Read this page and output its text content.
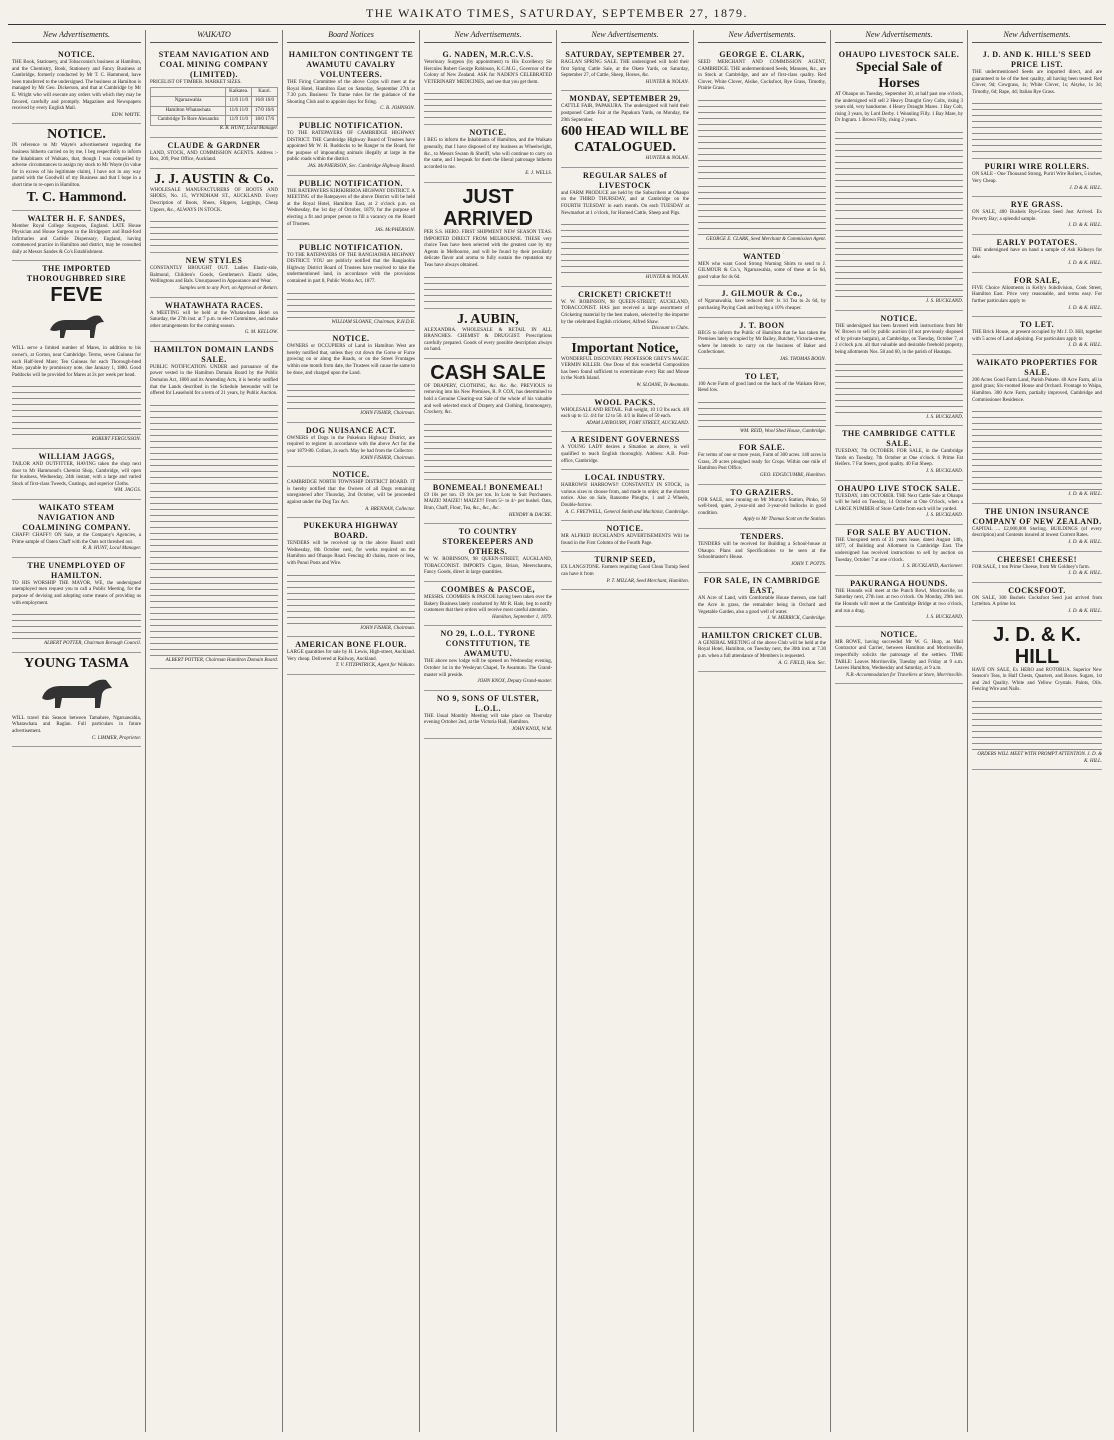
THE WAIKATO TIMES, SATURDAY, SEPTEMBER 27, 1879.
New Advertisements.
NOTICE.
THE Book, Stationery, and Tobacconist's business at Hamilton, and the Chemistry, Book, Stationery and Fancy Business at Cambridge, formerly conducted by Mr T. C. Hammond, have been transferred to the undersigned. The business at Hamilton is managed by Mr Geo. Dickerson, and that at Cambridge by Mr E. Wright who will execute any orders with which they may be favored, carefully and promptly. Magazines and Newspapers received by every English Mail.
EDW. WAYTE.
NOTICE.
IN reference to Mr Wayte's advertisement regarding the business hitherto carried on by me, I beg respectfully to inform the Inhabitants of Waikato, that, though I was compelled by adverse circumstances to assign my stock to Mr Wayte (in value for in excess of his legitimate claim), I have not in any way parted with the Goodwill of my Business and that I hope in a short time to re-open in Hamilton.
T. C. Hammond.
WALTER H. F. SANDES,
Member Royal College Surgeons, England. LATE House Physician and House Surgeon to the Bridgeport and Brad-ford Infirmaries and Carlisle Dispensary, England, having commenced practice in Hamilton and district, may be consulted daily at Messrs Sandes & Co's Establishment.
THE IMPORTED THOROUGHBRED SIRE
FEVE
WILL serve a limited number of Mares, in addition to his owner's, at Gorton, near Cambridge. Terms, seven Guineas for each Half-bred Mare; Ten Guineas for each Thorough-bred Mare, payable by promissory note, due January 1, 1880. Good Paddocks will be provided for Mares at 2s per week per head.
ROBERT FERGUSSON.
WILLIAM JAGGS,
TAILOR AND OUTFITTER, HAVING taken the shop next door to Mr Hammond's Chemist Shop, Cambridge, will open for business, Wednesday, 24th instant, with a large and varied Stock of first-class Tweeds, Coatings, and superior Cloths.
WM. JAGGS.
WAIKATO STEAM NAVIGATION AND COALMINING COMPANY.
CHAFF! CHAFF!! ON Sale, at the Company's Agencies, a Prime sample of Oaten Chaff with the Oats not threshed out.
R. B. HUNT, Local Manager.
THE UNEMPLOYED OF HAMILTON.
TO HIS WORSHIP THE MAYOR, WE, the undersigned unemployed men request you to call a Public Meeting, for the purpose of devising and adopting some means of providing us with employment.
ALBERT POTTER, Chairman Borough Council.
YOUNG TASMA
WILL travel this Season between Tamahere, Ngaruawahia, Whatawhata and Raglan. Full particulars in future advertisement.
C. LIMMER, Proprietor.
WAIKATO
STEAM NAVIGATION AND COAL MINING COMPANY (LIMITED).
PRICELIST OF TIMBER. MARKET SIZES.
	Kaikatea.	Kauri.
Ngaruawahia	11/0 11/0	16/8 16/0
Hamilton Whatawhata	11/6 11/0	17/0 16/6
Cambridge Te Rore Alexandra	11/9 11/0	18/0 17/6
R. B. HUNT, Local Manager.
CLAUDE & GARDNER
LAND, STOCK, AND COMMISSION AGENTS. Address :- Box, 209, Post Office, Auckland.
J. J. AUSTIN & Co.
WHOLESALE MANUFACTURERS OF BOOTS AND SHOES, No. 15, WYNDHAM ST., AUCKLAND. Every Description of Boots, Shoes, Slippers, Leggings, Cheap Uppers, &c., ALWAYS IN STOCK.
NEW STYLES
CONSTANTLY BROUGHT OUT. Ladies Elastic-side, Balmoral, Children's Goods, Gentlemen's Elastic sides, Wellingtons and Bals. Unsurpassed in Appearance and Wear.
Samples sent to any Port, on Approval or Return.
WHATAWHATA RACES.
A MEETING will be held at the Whatawhata Hotel on Saturday, the 27th inst. at 7 p.m. to elect Committee, and make other arrangements for the coming season.
G. M. KELLOW.
HAMILTON DOMAIN LANDS SALE.
PUBLIC NOTIFICATION. UNDER and pursuance of the power vested in the Hamilton Domain Board by the Public Domains Act, 1860 and its Amending Acts, it is hereby notified that the Lands described in the Schedule hereunder will be offered for Leasehold for a term of 21 years, by Public Auction.
ALBERT POTTER, Chairman Hamilton Domain Board.
Board Notices
HAMILTON CONTINGENT TE AWAMUTU CAVALRY VOLUNTEERS.
THE Firing Committee of the above Corps will meet at the Royal Hotel, Hamilton East on Saturday, September 27th at 7.30 p.m. Business: To frame rules for the guidance of the Shooting Club and to appoint days for firing.
C. B. JOHNSON.
PUBLIC NOTIFICATION.
TO THE RATEPAYERS OF CAMBRIDGE HIGHWAY DISTRICT. THE Cambridge Highway Board of Trustees have appointed Mr W. H. Ruddocks to be Ranger to the Board, for the purpose of impounding animals illegally at large in the public roads within the district.
JAS. McPHERSON, Sec. Cambridge Highway Board.
PUBLIC NOTIFICATION.
THE RATEPAYERS KIRIKIRIROA HIGHWAY DISTRICT. A MEETING of the Ratepayers of the above District will be held at the Royal Hotel, Hamilton East, at 2 o'clock p.m. on Wednesday, the 1st day of October, 1879, for the purpose of electing a fit and proper person to fill a vacancy on the Board of Trustees.
JAS. McPHERSON.
PUBLIC NOTIFICATION.
TO THE RATEPAYERS OF THE RANGIAOHIA HIGHWAY DISTRICT. YOU are publicly notified that the Rangiaohia Highway District Board of Trustees have resolved to take the undermentioned land, in accordance with the provisions contained in part 8, Public Works Act, 1877.
WILLIAM SLOANE, Chairman, R.H.D.B.
NOTICE.
OWNERS or OCCUPIERS of Land in Hamilton West are hereby notified that, unless they cut down the Gorse or Furze growing on or along the Roads, or on the Street Frontages within one month from date, the Trustees will cause the same to be done, and charged upon the Land.
JOHN FISHER, Chairman.
DOG NUISANCE ACT.
OWNERS of Dogs in the Pukekura Highway District, are required to register in accordance with the above Act for the year 1879-80. Collars, 2s each. May be had from the Collector.
JOHN FISHER, Chairman.
NOTICE.
CAMBRIDGE NORTH TOWNSHIP DISTRICT BOARD. IT is hereby notified that the Owners of all Dogs remaining unregistered after Thursday, 2nd October, will be proceeded against under the Dog Tax Act.
A. BRENNAN, Collector.
PUKEKURA HIGHWAY BOARD.
TENDERS will be received up to the above Board until Wednesday, 8th October next, for works required on the Hamilton and Ohaupo Road. Fencing 40 chains, more or less, with Punui Posts and Wire.
JOHN FISHER, Chairman.
AMERICAN BONE FLOUR.
LARGE quantities for sale by H. Lewis, High-street, Auckland. Very cheap. Delivered at Railway, Auckland.
T. V. FITZPATRICK, Agent for Waikato.
New Advertisements.
G. NADEN, M.R.C.V.S.
Veterinary Surgeon (by appointment) to His Excellency Sir Hercules Robert George Robinson, K.C.M.G., Governor of the Colony of New Zealand. ASK for NADEN'S CELEBRATED VETERINARY MEDICINES, and see that you get them.
NOTICE.
I BEG to inform the Inhabitants of Hamilton, and the Waikato generally, that I have disposed of my business as Wheelwright, &c., to Messrs Swann & Sheriff, who will continue to carry on the same, and I bespeak for them the liberal patronage hitherto accorded to me.
E. J. WELLS.
JUST ARRIVED
PER S.S. HERO. FIRST SHIPMENT NEW SEASON TEAS. IMPORTED DIRECT FROM MELBOURNE. THESE very choice Teas have been selected with the greatest care by my Agents in Melbourne, and will be found by their peculiarly delicate flavor and aroma to fully sustain the reputation my Teas have always obtained.
J. AUBIN,
ALEXANDRA. WHOLESALE & RETAIL IN ALL BRANCHES. CHEMIST & DRUGGIST. Prescriptions carefully prepared. Goods of every possible description always on hand.
CASH SALE
OF DRAPERY, CLOTHING, &c. &c. &c. PREVIOUS to removing into his New Premises, R. P. COX, has determined to hold a Genuine Clearing-out Sale of the whole of his valuable and well selected stock of Drapery and Clothing, Ironmongery, Crockery, &c.
BONEMEAL! BONEMEAL!
£9 10s per ton. £9 10s per ton. In Lots to Suit Purchasers. MAIZE! MAIZE!! MAIZE!!! From 5/- to 4/- per bushel. Oats, Bran, Chaff, Flour, Tea, &c., &c., &c.
HENDRY & DACRE.
TO COUNTRY STOREKEEPERS AND OTHERS.
W. W. ROBINSON, 98 QUEEN-STREET, AUCKLAND, TOBACCONIST. IMPORTS Cigars, Briars, Meerschaums, Fancy Goods, direct in large quantities.
COOMBES & PASCOE,
MESSRS. COOMBES & PASCOE having been taken over the Bakery Business lately conducted by Mr R. Hale, beg to notify customers that their orders will receive most careful attention.
Hamilton, September 1, 1879.
NO 29, L.O.L. TYRONE CONSTITUTION, TE AWAMUTU.
THE above new lodge will be opened on Wednesday evening, October 1st in the Wesleyan Chapel, Te Awamutu. The Grand-master will preside.
JOHN KNOX, Deputy Grand-master.
NO 9, SONS OF ULSTER, L.O.L.
THE Usual Monthly Meeting will take place on Thursday evening October 2nd, at the Victoria Hall, Hamilton.
JOHN KNOX, W.M.
New Advertisements.
SATURDAY, SEPTEMBER 27.
RAGLAN SPRING SALE. THE undersigned will hold their first Spring Cattle Sale, at the Okete Yards, on Saturday, September 27, of Cattle, Sheep, Horses, &c.
HUNTER & NOLAN.
MONDAY, SEPTEMBER 29,
CATTLE FAIR, PAPAKURA. The undersigned will hold their postponed Cattle Fair at the Papakura Yards, on Monday, the 29th September.
600 HEAD WILL BE CATALOGUED.
HUNTER & NOLAN.
REGULAR SALES of LIVESTOCK
and FARM PRODUCE are held by the Subscribers at Ohaupo on the THIRD THURSDAY, and at Cambridge on the FOURTH TUESDAY in each month. On each TUESDAY at Newmarket at 1 o'clock, for Horned Cattle, Sheep and Pigs.
HUNTER & NOLAN.
CRICKET! CRICKET!!
W. W. ROBINSON, 98 QUEEN-STREET, AUCKLAND, TOBACCONIST. HAS just received a large assortment of Cricketing material by the best makers, selected by the importer by the celebrated English cricketer, Alfred Shaw.
Discount to Clubs.
Important Notice,
WONDERFUL DISCOVERY. PROFESSOR GREY'S MAGIC VERMIN KILLER. One Dose of this wonderful Composition has been found sufficient to exterminate every Rat and Mouse in the North Island.
W. SLOANE, Te Awamutu.
WOOL PACKS.
WHOLESALE AND RETAIL. Full weight, 10 1/2 lbs each. 4/8 each up to 12. 4/4 for 12 to 50. 4/3 in Bales of 50 each.
ADAM LAYBOURN, FORT STREET, AUCKLAND.
A RESIDENT GOVERNESS
A YOUNG LADY desires a Situation as above, is well qualified to teach English thoroughly. Address: A.B. Post-office, Cambridge.
LOCAL INDUSTRY.
HARROWS! HARROWS!! CONSTANTLY IN STOCK, in various sizes to choose from, and made to order, at the shortest notice. Also on Sale, Ransome Ploughs, 1 and 2 Wheels, Double-furrow.
A. C. FRETWELL, General Smith and Machinist, Cambridge.
NOTICE.
MR ALFRED BUCKLAND'S ADVERTISEMENTS Will be found in the First Column of the Fourth Page.
TURNIP SEED,
EX LANGSTONE. Farmers requiring Good Clean Turnip Seed can have it from
P. T. MILLAR, Seed Merchant, Hamilton.
New Advertisements.
GEORGE E. CLARK,
SEED MERCHANT AND COMMISSION AGENT, CAMBRIDGE. THE undermentioned Seeds, Manures, &c., are in Stock at Cambridge, and are of first-class quality. Red Clover, White Clover, Alsike, Cocksfoot, Rye Grass, Timothy, Prairie Grass.
GEORGE E. CLARK, Seed Merchant & Commission Agent.
WANTED
MEN who want Good Strong Warning Shirts to send to J. GILMOUR & Co.'s, Ngaruawahia, some of these at 5s 6d, good value for 4s 6d.
J. GILMOUR & Co.,
of Ngaruawahia, have reduced their 1s 1d Tea to 2s 6d, by purchasing Paying Cash and buying a 10% cheaper.
J. T. BOON
BEGS to inform the Public of Hamilton that he has taken the Premises lately occupied by Mr Bailey, Butcher, Victoria-street, where he intends to carry on the business of Baker and Confectioner.
JAS. THOMAS BOON.
TO LET,
100 Acre Farm of good land on the back of the Waikato River, Rend low.
WM. REID, Wool Shed House, Cambridge.
FOR SALE.
For terms of one or more years, Farm of 300 acres. 140 acres in Grass, 20 acres ploughed ready for Crops. Within one mile of Hamilton Post Office.
GEO. EDGECUMBE, Hamilton.
TO GRAZIERS.
FOR SALE, now running on Mr Murray's Station, Pinko, 50 well-bred, quiet, 2-year-old and 3-year-old bullocks in good condition.
Apply to Mr Thomas Scott on the Station.
TENDERS.
TENDERS will be received for Building a School-house at Ohaupo. Plans and Specifications to be seen at the Schoolmaster's House.
JOHN T. POTTS.
FOR SALE, IN CAMBRIDGE EAST,
AN Acre of Land, with Comfortable House thereon, one half the Acre in grass, the remainder being in Orchard and Vegetable Garden, also a good well of water.
J. W. MERRICK, Cambridge.
HAMILTON CRICKET CLUB.
A GENERAL MEETING of the above Club will be held at the Royal Hotel, Hamilton, on Tuesday next, the 30th inst. at 7.30 p.m. when a full attendance of Members is requested.
A. G. FIELD, Hon. Sec.
New Advertisements.
OHAUPO LIVESTOCK SALE.
Special Sale of Horses
AT Ohaupo on Tuesday, September 30, at half past one o'clock, the undersigned will sell 2 Heavy Draught Grey Colts, rising 3 years old, very handsome. 4 Heavy Draught Mares. 1 Bay Colt, rising 3 years, by Lord Derby. 1 Weanling Filly. 1 Bay Mare, by Dr Ingram. 1 Brown Filly, rising 2 years.
J. S. BUCKLAND.
NOTICE.
THE undersigned has been favored with instructions from Mr W. Brown to sell by public auction (if not previously disposed of by private bargain), at Cambridge, on Tuesday, October 7, at 2 o'clock p.m. all that valuable and desirable freehold property, being allotments Nos. 58 and 60, in the parish of Hautapu.
J. S. BUCKLAND.
THE CAMBRIDGE CATTLE SALE.
TUESDAY, 7th OCTOBER. FOR SALE, in the Cambridge Yards on Tuesday, 7th October at One o'clock. 6 Prime Fat Heifers. 7 Fat Steers, good quality. 40 Fat Sheep.
J. S. BUCKLAND.
OHAUPO LIVE STOCK SALE.
TUESDAY, 14th OCTOBER. THE Next Cattle Sale at Ohaupo will be held on Tuesday, 14 October at One O'clock, when a LARGE NUMBER of Store Cattle from each will be yarded.
J. S. BUCKLAND.
FOR SALE BY AUCTION.
THE Unexpired term of 21 years lease, dated August 14th, 1877, of Building and Allotment in Cambridge East. The undersigned has received instructions to sell by auction on Tuesday, October 7 at one o'clock.
J. S. BUCKLAND, Auctioneer.
PAKURANGA HOUNDS.
THE Hounds will meet at the Punch Bowl, Morrinsville, on Saturday next, 27th inst. at two o'clock. On Monday, 29th inst. the Hounds will meet at the Cambridge Bridge at two o'clock, and run a drag.
J. S. BUCKLAND.
NOTICE.
MR ROWE, having succeeded Mr W. G. Hurp, as Mail Contractor and Carrier, between Hamilton and Morrinsville, respectfully solicits the patronage of the settlers. TIME TABLE: Leaves Morrinsville, Tuesday and Friday at 9 a.m. Leaves Hamilton, Wednesday and Saturday, at 9 a.m.
N.B.-Accommodation for Travellers at Store, Morrinsville.
New Advertisements.
J. D. AND K. HILL'S SEED PRICE LIST.
THE undermentioned Seeds are imported direct, and are guaranteed to be of the best quality, all having been tested: Red Clover, 9d; Cowgrass, 1s; White Clover, 1s; Alsyke, 1s 3d; Timothy, 6d; Rape, 4d; Italian Rye Grass.
PURIRI WIRE ROLLERS.
ON SALE - One Thousand Strong, Puriri Wire Rollers, 5 inches, Very Cheap.
J. D & K. HILL.
RYE GRASS.
ON SALE, 400 Bushels Rye-Grass Seed Just Arrived. Ex Poverty Bay; a splendid sample.
J. D. & K. HILL.
EARLY POTATOES.
THE undersigned have on hand a sample of Ash Kidneys for sale.
J. D. & K. HILL.
FOR SALE,
FIVE Choice Allotments in Kelly's Subdivision, Cook Street, Hamilton East. Price very reasonable, and terms easy. For further particulars apply to
J. D. & K. HILL.
TO LET.
THE Brick House, at present occupied by Mr J. D. Hill, together with 5 acres of Land adjoining. For particulars apply to
J. D. & K. HILL.
WAIKATO PROPERTIES FOR SALE.
200 Acres Good Farm Land, Parish Pukete. 40 Acre Farm, all in good grass; Six-roomed House and Orchard. Frontage to Waipa, Hamilton. 300 Acre Farm, partially improved, Cambridge and Commissioner Residence.
J. D. & K. HILL.
THE UNION INSURANCE COMPANY OF NEW ZEALAND.
CAPITAL ... £2,000,000 Sterling. BUILDINGS (of every description) and Contents insured at lowest Current Rates.
J. D. & K. HILL.
CHEESE! CHEESE!
FOR SALE, 1 ton Prime Cheese, from Mr Goldney's farm.
J. D. & K. HILL.
COCKSFOOT.
ON SALE, 300 Bushels Cocksfoot Seed just arrived from Lyttelton. A prime lot.
J. D. & K. HILL.
J. D. & K. HILL
HAVE ON SALE, Ex HERO and ROTORUA. Superior New Season's Teas, in Half Chests, Quarters, and Boxes. Sugars, 1st and 2nd Quality. White and Yellow Crystals. Paints, Oils. Fencing Wire and Nails.
ORDERS WILL MEET WITH PROMPT ATTENTION. J. D. & K. HILL.
